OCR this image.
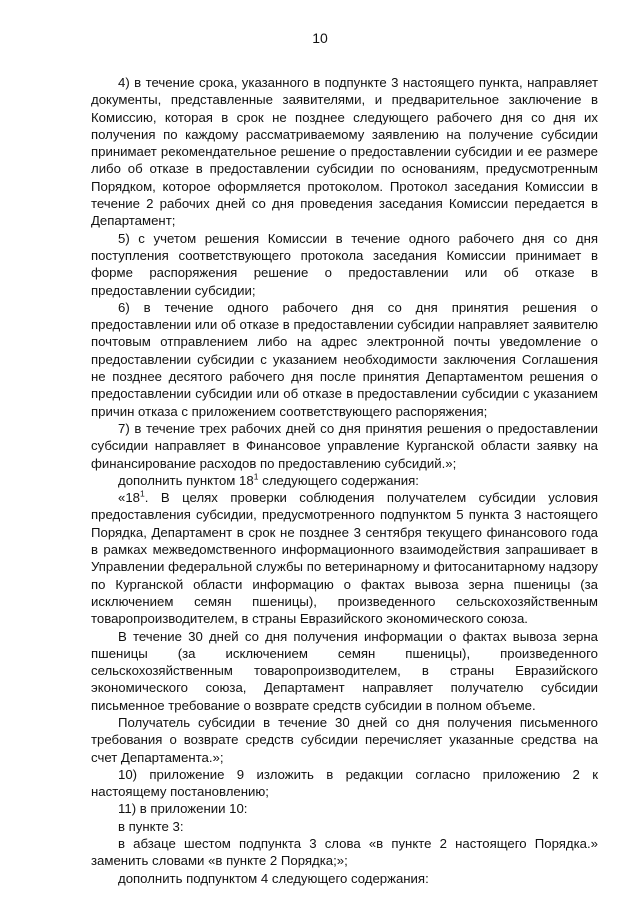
10

4) в течение срока, указанного в подпункте 3 настоящего пункта, направляет документы, представленные заявителями, и предварительное заключение в Комиссию, которая в срок не позднее следующего рабочего дня со дня их получения по каждому рассматриваемому заявлению на получение субсидии принимает рекомендательное решение о предоставлении субсидии и ее размере либо об отказе в предоставлении субсидии по основаниям, предусмотренным Порядком, которое оформляется протоколом. Протокол заседания Комиссии в течение 2 рабочих дней со дня проведения заседания Комиссии передается в Департамент;

5) с учетом решения Комиссии в течение одного рабочего дня со дня поступления соответствующего протокола заседания Комиссии принимает в форме распоряжения решение о предоставлении или об отказе в предоставлении субсидии;

6) в течение одного рабочего дня со дня принятия решения о предоставлении или об отказе в предоставлении субсидии направляет заявителю почтовым отправлением либо на адрес электронной почты уведомление о предоставлении субсидии с указанием необходимости заключения Соглашения не позднее десятого рабочего дня после принятия Департаментом решения о предоставлении субсидии или об отказе в предоставлении субсидии с указанием причин отказа с приложением соответствующего распоряжения;

7) в течение трех рабочих дней со дня принятия решения о предоставлении субсидии направляет в Финансовое управление Курганской области заявку на финансирование расходов по предоставлению субсидий.»;

дополнить пунктом $18^1$ следующего содержания:

«$18^1$. В целях проверки соблюдения получателем субсидии условия предоставления субсидии, предусмотренного подпунктом 5 пункта 3 настоящего Порядка, Департамент в срок не позднее 3 сентября текущего финансового года в рамках межведомственного информационного взаимодействия запрашивает в Управлении федеральной службы по ветеринарному и фитосанитарному надзору по Курганской области информацию о фактах вывоза зерна пшеницы (за исключением семян пшеницы), произведенного сельскохозяйственным товаропроизводителем, в страны Евразийского экономического союза.

В течение 30 дней со дня получения информации о фактах вывоза зерна пшеницы (за исключением семян пшеницы), произведенного сельскохозяйственным товаропроизводителем, в страны Евразийского экономического союза, Департамент направляет получателю субсидии письменное требование о возврате средств субсидии в полном объеме.

Получатель субсидии в течение 30 дней со дня получения письменного требования о возврате средств субсидии перечисляет указанные средства на счет Департамента.»;

10) приложение 9 изложить в редакции согласно приложению 2 к настоящему постановлению;

11) в приложении 10:

в пункте 3:

в абзаце шестом подпункта 3 слова «в пункте 2 настоящего Порядка.» заменить словами «в пункте 2 Порядка;»;

дополнить подпунктом 4 следующего содержания:
